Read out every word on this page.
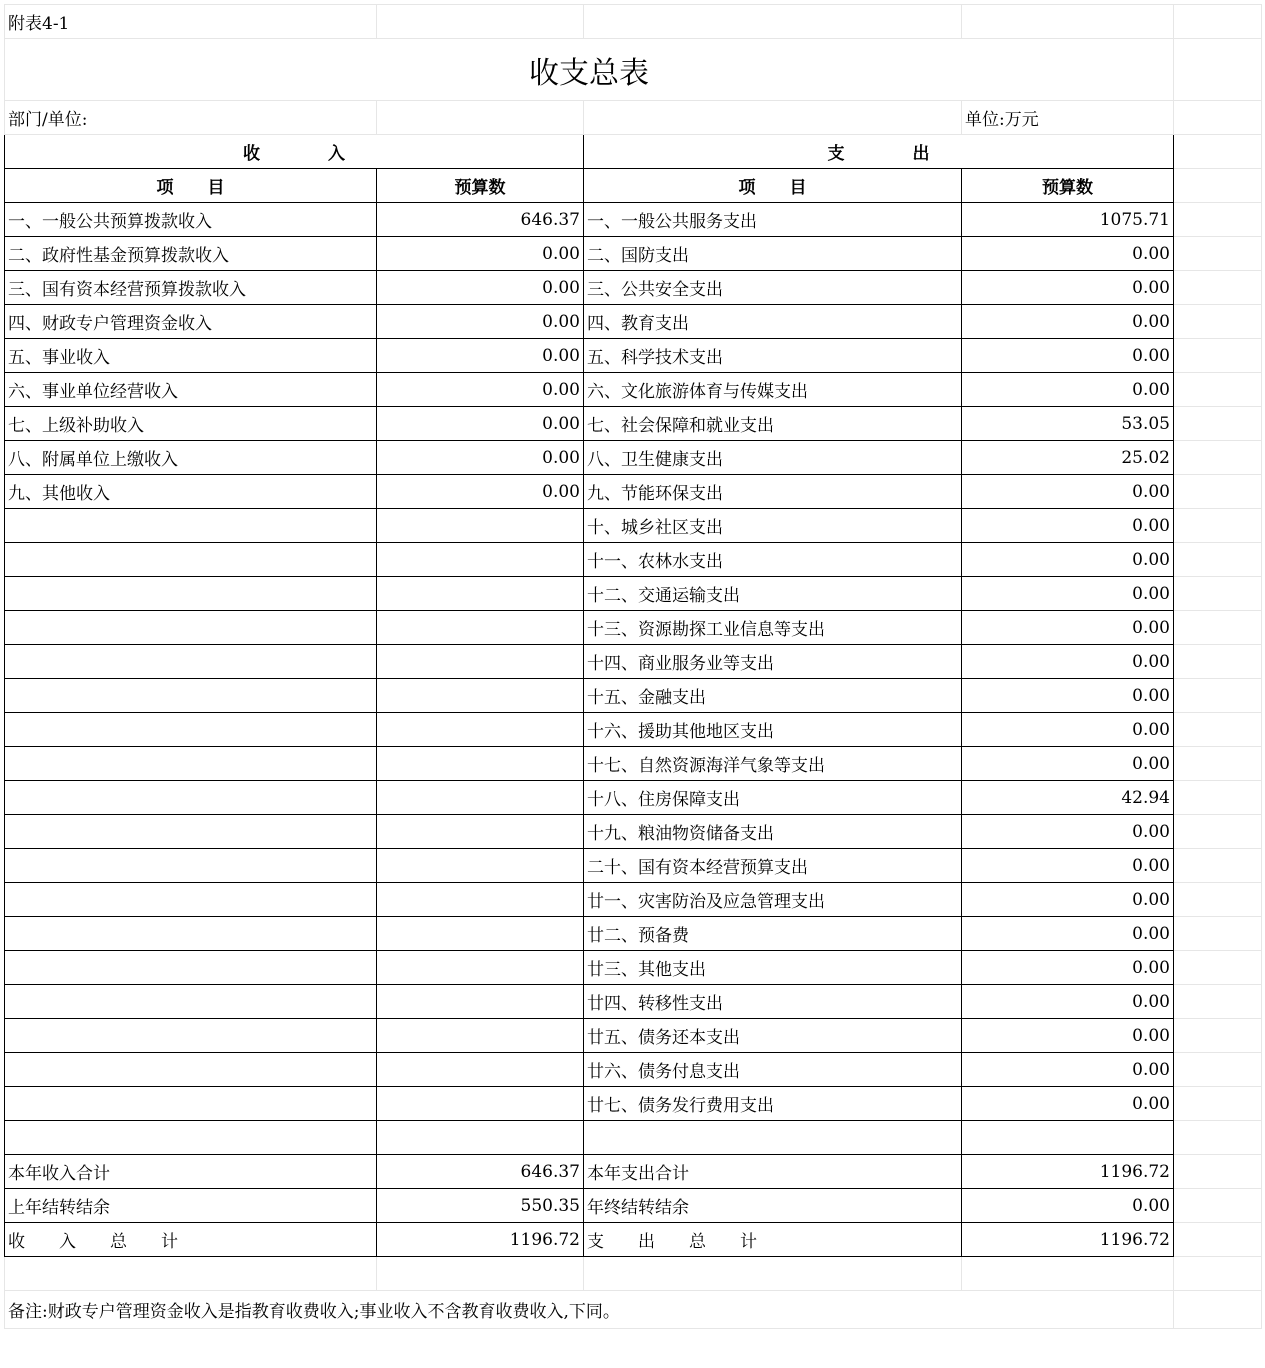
附表4-1				
收支总表				
部门/单位:			单位:万元	
收　　　　入		支　　　　出		
项　　目	预算数	项　　目	预算数	
一、一般公共预算拨款收入	646.37	一、一般公共服务支出	1075.71	
二、政府性基金预算拨款收入	0.00	二、国防支出	0.00	
三、国有资本经营预算拨款收入	0.00	三、公共安全支出	0.00	
四、财政专户管理资金收入	0.00	四、教育支出	0.00	
五、事业收入	0.00	五、科学技术支出	0.00	
六、事业单位经营收入	0.00	六、文化旅游体育与传媒支出	0.00	
七、上级补助收入	0.00	七、社会保障和就业支出	53.05	
八、附属单位上缴收入	0.00	八、卫生健康支出	25.02	
九、其他收入	0.00	九、节能环保支出	0.00	
		十、城乡社区支出	0.00	
		十一、农林水支出	0.00	
		十二、交通运输支出	0.00	
		十三、资源勘探工业信息等支出	0.00	
		十四、商业服务业等支出	0.00	
		十五、金融支出	0.00	
		十六、援助其他地区支出	0.00	
		十七、自然资源海洋气象等支出	0.00	
		十八、住房保障支出	42.94	
		十九、粮油物资储备支出	0.00	
		二十、国有资本经营预算支出	0.00	
		廿一、灾害防治及应急管理支出	0.00	
		廿二、预备费	0.00	
		廿三、其他支出	0.00	
		廿四、转移性支出	0.00	
		廿五、债务还本支出	0.00	
		廿六、债务付息支出	0.00	
		廿七、债务发行费用支出	0.00	

本年收入合计	646.37	本年支出合计	1196.72	
上年结转结余	550.35	年终结转结余	0.00	
收　　入　　总　　计	1196.72	支　　出　　总　　计	1196.72	

备注:财政专户管理资金收入是指教育收费收入;事业收入不含教育收费收入,下同。				
